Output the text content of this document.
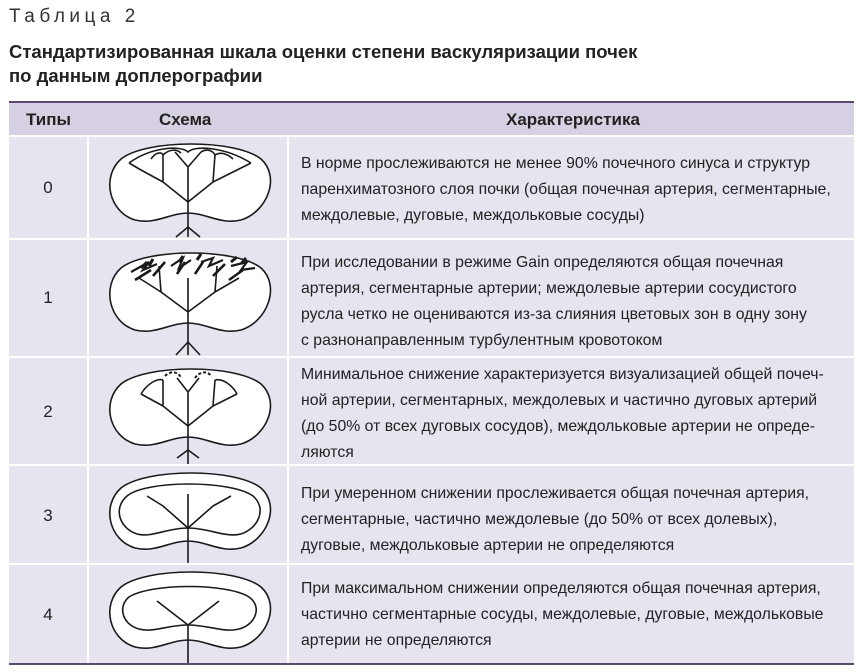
Таблица 2
Стандартизированная шкала оценки степени васкуляризации почек
по данным доплерографии
Типы	Схема	Характеристика
0
В норме прослеживаются не менее 90% почечного синуса и структур
паренхиматозного слоя почки (общая почечная артерия, сегментарные,
междолевые, дуговые, междольковые сосуды)
1
При исследовании в режиме Gain определяются общая почечная
артерия, сегментарные артерии; междолевые артерии сосудистого
русла четко не оцениваются из-за слияния цветовых зон в одну зону
с разнонаправленным турбулентным кровотоком
2
Минимальное снижение характеризуется визуализацией общей почеч-
ной артерии, сегментарных, междолевых и частично дуговых артерий
(до 50% от всех дуговых сосудов), междольковые артерии не опреде-
ляются
3
При умеренном снижении прослеживается общая почечная артерия,
сегментарные, частично междолевые (до 50% от всех долевых),
дуговые, междольковые артерии не определяются
4
При максимальном снижении определяются общая почечная артерия,
частично сегментарные сосуды, междолевые, дуговые, междольковые
артерии не определяются
